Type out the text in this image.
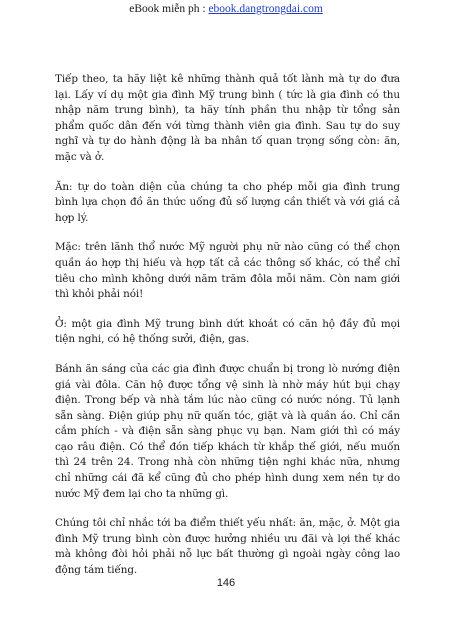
eBook miễn ph : ebook.dangtrongdai.com

Tiếp theo, ta hãy liệt kê những thành quả tốt lành mà tự do đưa lại. Lấy ví dụ một gia đình Mỹ trung bình ( tức là gia đình có thu nhập năm trung bình), ta hãy tính phần thu nhập từ tổng sản phẩm quốc dân đến với từng thành viên gia đình. Sau tự do suy nghĩ và tự do hành động là ba nhân tố quan trọng sống còn: ăn, mặc và ở.

Ăn: tự do toàn diện của chúng ta cho phép mỗi gia đình trung bình lựa chọn đồ ăn thức uống đủ số lượng cần thiết và với giá cả hợp lý.

Mặc: trên lãnh thổ nước Mỹ người phụ nữ nào cũng có thể chọn quần áo hợp thị hiếu và hợp tất cả các thông số khác, có thể chỉ tiêu cho mình không dưới năm trăm đôla mỗi năm. Còn nam giới thì khỏi phải nói!

Ở: một gia đình Mỹ trung bình dứt khoát có căn hộ đầy đủ mọi tiện nghi, có hệ thống sưởi, điện, gas.

Bánh ăn sáng của các gia đình được chuẩn bị trong lò nướng điện giá vài đôla. Căn hộ được tổng vệ sinh là nhờ máy hút bụi chạy điện. Trong bếp và nhà tắm lúc nào cũng có nước nóng. Tủ lạnh sẵn sàng. Điện giúp phụ nữ quấn tóc, giặt và là quần áo. Chỉ cần cắm phích - và điện sẵn sàng phục vụ bạn. Nam giới thì có máy cạo râu điện. Có thể đón tiếp khách từ khắp thế giới, nếu muốn thì 24 trên 24. Trong nhà còn những tiện nghi khác nữa, nhưng chỉ những cái đã kể cũng đủ cho phép hình dung xem nền tự do nước Mỹ đem lại cho ta những gì.

Chúng tôi chỉ nhắc tới ba điểm thiết yếu nhất: ăn, mặc, ở. Một gia đình Mỹ trung bình còn được hưởng nhiều ưu đãi và lợi thế khác mà không đòi hỏi phải nỗ lực bất thường gì ngoài ngày công lao động tám tiếng.

146
